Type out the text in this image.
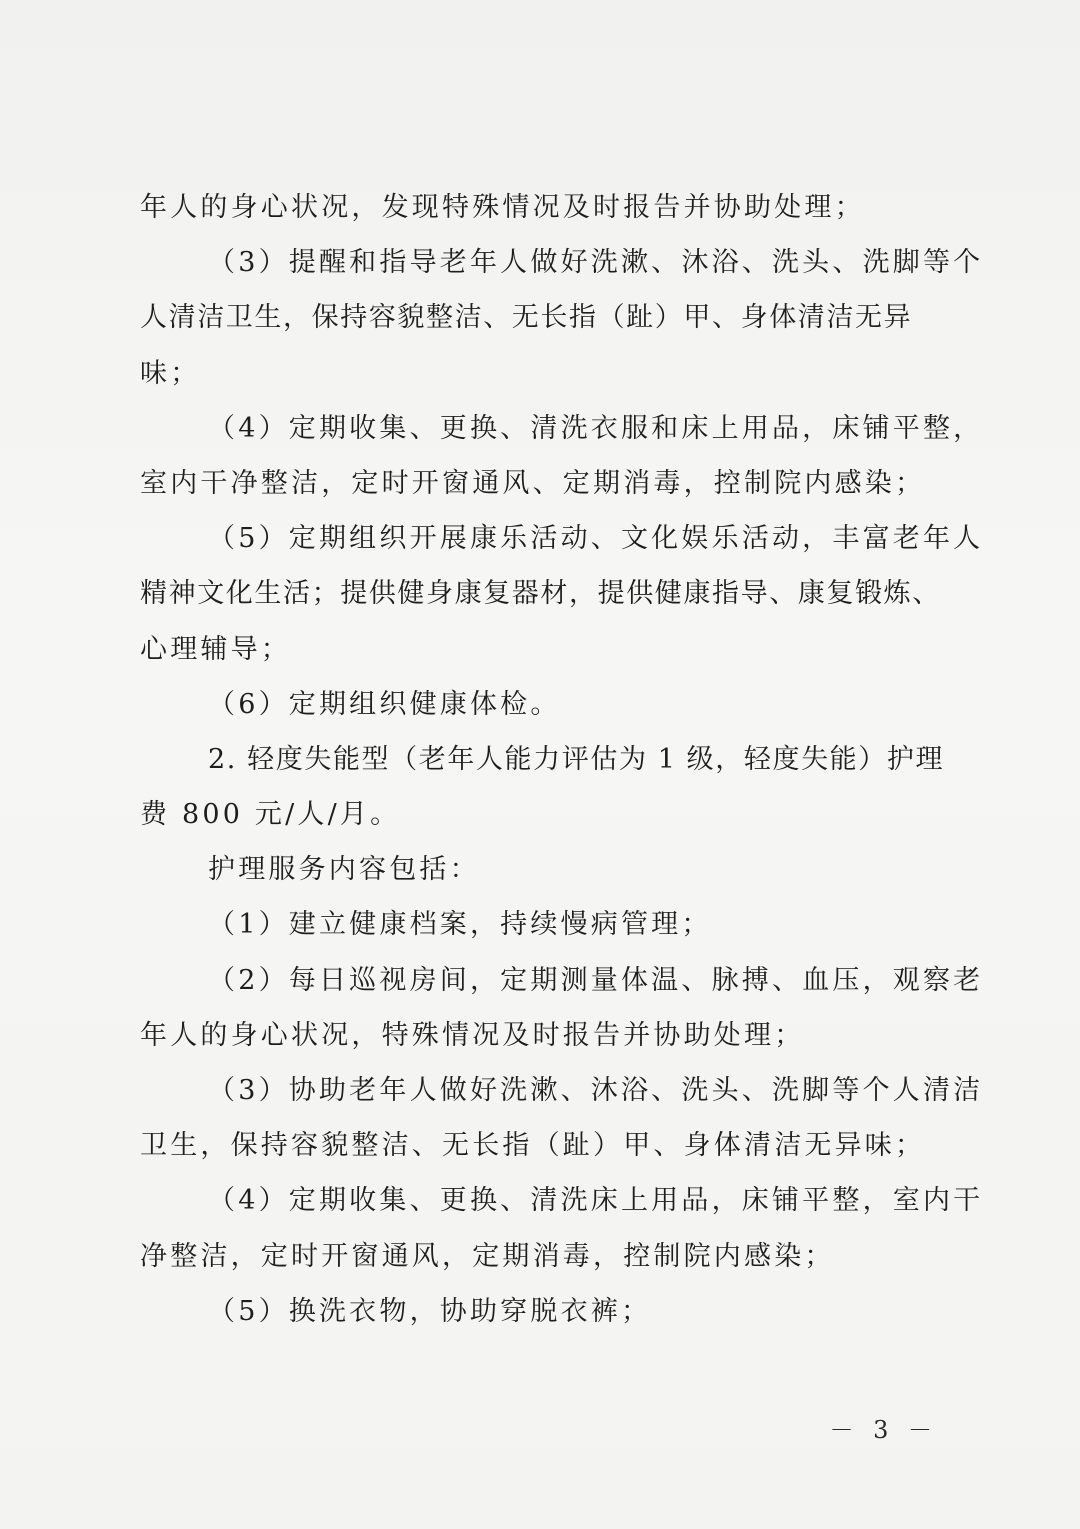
年人的身心状况，发现特殊情况及时报告并协助处理；

（3）提醒和指导老年人做好洗漱、沐浴、洗头、洗脚等个

人清洁卫生，保持容貌整洁、无长指（趾）甲、身体清洁无异

味；

（4）定期收集、更换、清洗衣服和床上用品，床铺平整，

室内干净整洁，定时开窗通风、定期消毒，控制院内感染；

（5）定期组织开展康乐活动、文化娱乐活动，丰富老年人

精神文化生活；提供健身康复器材，提供健康指导、康复锻炼、

心理辅导；

（6）定期组织健康体检。

2. 轻度失能型（老年人能力评估为 1 级，轻度失能）护理

费 800 元/人/月。

护理服务内容包括：

（1）建立健康档案，持续慢病管理；

（2）每日巡视房间，定期测量体温、脉搏、血压，观察老

年人的身心状况，特殊情况及时报告并协助处理；

（3）协助老年人做好洗漱、沐浴、洗头、洗脚等个人清洁

卫生，保持容貌整洁、无长指（趾）甲、身体清洁无异味；

（4）定期收集、更换、清洗床上用品，床铺平整，室内干

净整洁，定时开窗通风，定期消毒，控制院内感染；

（5）换洗衣物，协助穿脱衣裤；

－ 3 －
